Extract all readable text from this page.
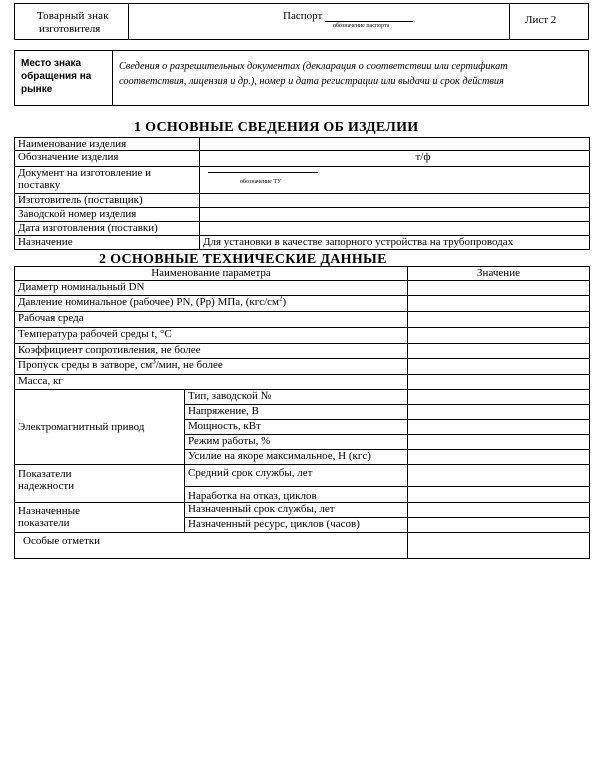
Товарный знак
изготовителя
Паспорт
обозначение паспорта	Лист 2
Место знака
обращения на
рынке
Сведения о разрешительных документах (декларация о соответствии или сертификат
соответствия, лицензия и др.), номер и дата регистрации или выдачи и срок действия
1 ОСНОВНЫЕ СВЕДЕНИЯ ОБ ИЗДЕЛИИ
Наименование изделия	
Обозначение изделия	т/ф

Документ на изготовление и
поставку	обозначение ТУ

Изготовитель (поставщик)	
Заводской номер изделия	
Дата изготовления (поставки)	
Назначение	Для установки в качестве запорного устройства на трубопроводах
2 ОСНОВНЫЕ ТЕХНИЧЕСКИЕ ДАННЫЕ
Наименование параметра		Значение
Диаметр номинальный DN		
Давление номинальное (рабочее) PN, (Pp) МПа, $(кгс/см^2)$		
Рабочая среда		
Температура рабочей среды t, °С		
Коэффициент сопротивления, не более		
Пропуск среды в затворе, $см^3$/мин, не более		
Масса, кг		
Электромагнитный привод	Тип, заводской №	
	Напряжение, В	
	Мощность, кВт	
	Режим работы, %	
	Усилие на якоре максимальное, Н (кгс)	

Показатели
надежности	Средний срок службы, лет	
	Наработка на отказ, циклов	

Назначенные
показатели	Назначенный срок службы, лет	
	Назначенный ресурс, циклов (часов)	
Особые отметки		
